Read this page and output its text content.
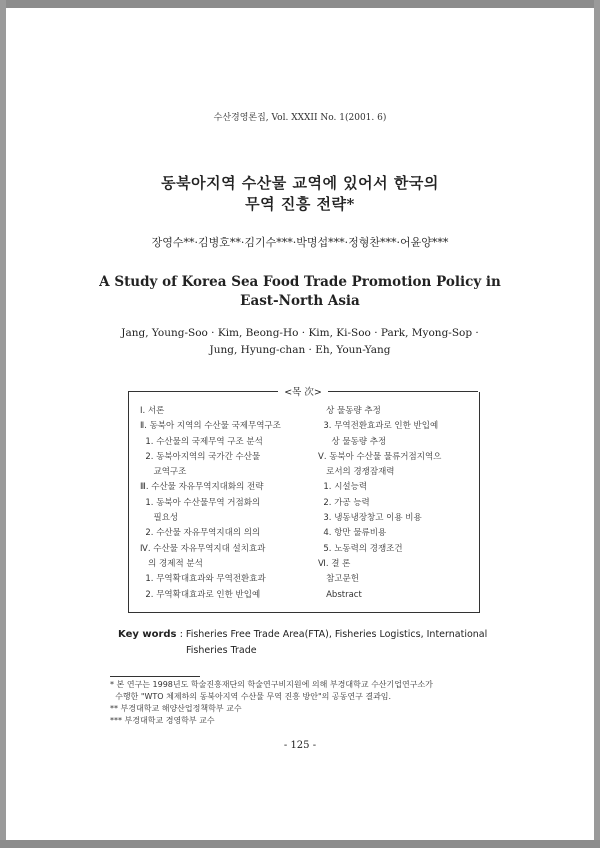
수산경영론집, Vol. XXXII No. 1(2001. 6)
동북아지역 수산물 교역에 있어서 한국의
무역 진흥 전략*
장영수**·김병호**·김기수***·박명섭***·정형찬***·어윤양***
A Study of Korea Sea Food Trade Promotion Policy in
East-North Asia
Jang, Young-Soo · Kim, Beong-Ho · Kim, Ki-Soo · Park, Myong-Sop ·
Jung, Hyung-chan · Eh, Youn-Yang
<목 次>
Ⅰ. 서론
Ⅱ. 동북아 지역의 수산물 국제무역구조
1. 수산물의 국제무역 구조 분석
2. 동북아지역의 국가간 수산물
교역구조
Ⅲ. 수산물 자유무역지대화의 전략
1. 동북아 수산물무역 거점화의
필요성
2. 수산물 자유무역지대의 의의
Ⅳ. 수산물 자유무역지대 설치효과
의 경제적 분석
1. 무역확대효과와 무역전환효과
2. 무역확대효과로 인한 반입예
상 물동량 추정
3. 무역전환효과로 인한 반입예
상 물동량 추정
Ⅴ. 동북아 수산물 물류거점지역으
로서의 경쟁잠재력
1. 시설능력
2. 가공 능력
3. 냉동냉장창고 이용 비용
4. 항만 물류비용
5. 노동력의 경쟁조건
Ⅵ. 결 론
참고문헌
Abstract
Key words : Fisheries Free Trade Area(FTA), Fisheries Logistics, International
Fisheries Trade
* 본 연구는 1998년도 학술진흥재단의 학술연구비지원에 의해 부경대학교 수산기업연구소가
수행한 "WTO 체제하의 동북아지역 수산물 무역 진흥 방안"의 공동연구 결과임.
** 부경대학교 해양산업정책학부 교수
*** 부경대학교 경영학부 교수
- 125 -
